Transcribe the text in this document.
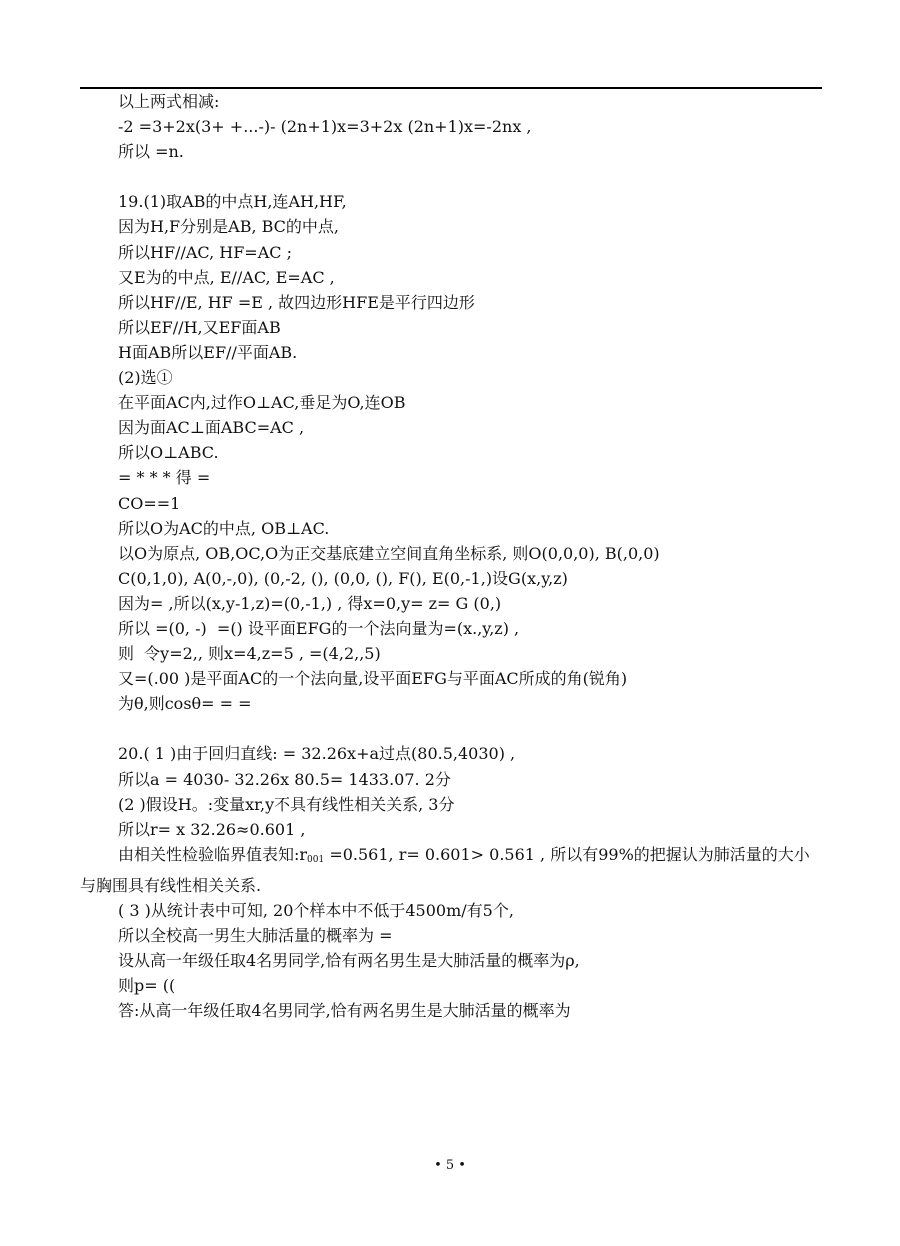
以上两式相减:
-2 =3+2x(3+ +...-)- (2n+1)x=3+2x (2n+1)x=-2nx ,
所以 =n.
19.(1)取AB的中点H,连AH,HF,
因为H,F分别是AB, BC的中点,
所以HF//AC, HF=AC ;
又E为的中点, E//AC, E=AC ,
所以HF//E, HF =E , 故四边形HFE是平行四边形
所以EF//H,又EF面AB
H面AB所以EF//平面AB.
(2)选①
在平面AC内,过作O⊥AC,垂足为O,连OB
因为面AC⊥面ABC=AC ,
所以O⊥ABC.
= * * * 得 =
CO==1
所以O为AC的中点, OB⊥AC.
以O为原点, OB,OC,O为正交基底建立空间直角坐标系, 则O(0,0,0), B(,0,0)
C(0,1,0), A(0,-,0), (0,-2, (), (0,0, (), F(), E(0,-1,)设G(x,y,z)
因为= ,所以(x,y-1,z)=(0,-1,) , 得x=0,y= z= G (0,)
所以 =(0, -)  =() 设平面EFG的一个法向量为=(x.,y,z) ,
则  令y=2,, 则x=4,z=5 , =(4,2,,5)
又=(.00 )是平面AC的一个法向量,设平面EFG与平面AC所成的角(锐角)
为θ,则cosθ= = =
20.( 1 )由于回归直线: = 32.26x+a过点(80.5,4030) ,
所以a = 4030- 32.26x 80.5= 1433.07. 2分
(2 )假设H。:变量xr,y不具有线性相关关系, 3分
所以r= x 32.26≈0.601 ,
由相关性检验临界值表知$:r_{001} =0.561$, r= 0.601> 0.561 , 所以有99%的把握认为肺活量的大小与胸围具有线性相关关系.
( 3 )从统计表中可知, 20个样本中不低于4500m/有5个,
所以全校高一男生大肺活量的概率为 =
设从高一年级任取4名男同学,恰有两名男生是大肺活量的概率为ρ,
则p= ((
答:从高一年级任取4名男同学,恰有两名男生是大肺活量的概率为
• 5 •
